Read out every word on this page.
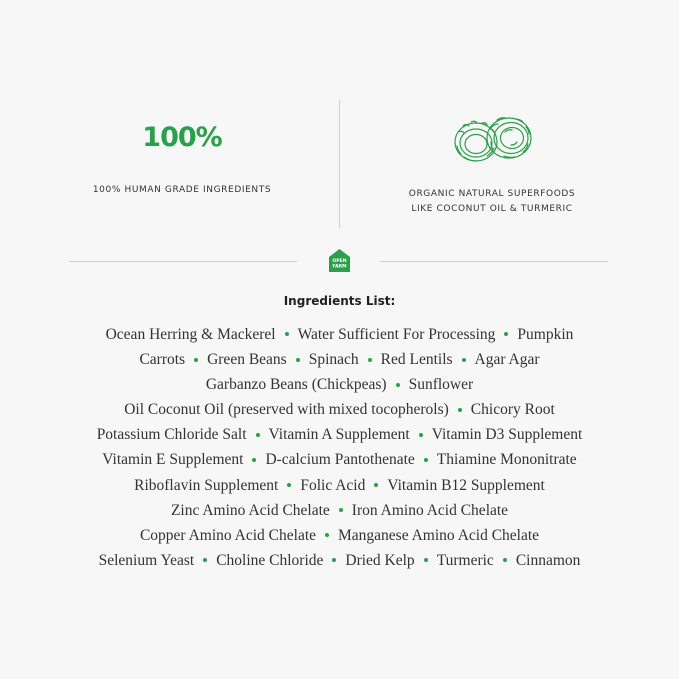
100%
100% HUMAN GRADE INGREDIENTS	ORGANIC NATURAL SUPERFOODS
LIKE COCONUT OIL & TURMERIC
OPEN
FARM
Ingredients List:
Ocean Herring & Mackerel Water Sufficient For Processing Pumpkin
Carrots Green Beans Spinach Red Lentils Agar Agar
Garbanzo Beans (Chickpeas) Sunflower
Oil Coconut Oil (preserved with mixed tocopherols) Chicory Root
Potassium Chloride Salt Vitamin A Supplement Vitamin D3 Supplement
Vitamin E Supplement D-calcium Pantothenate Thiamine Mononitrate
Riboflavin Supplement Folic Acid Vitamin B12 Supplement
Zinc Amino Acid Chelate Iron Amino Acid Chelate
Copper Amino Acid Chelate Manganese Amino Acid Chelate
Selenium Yeast Choline Chloride Dried Kelp Turmeric Cinnamon
